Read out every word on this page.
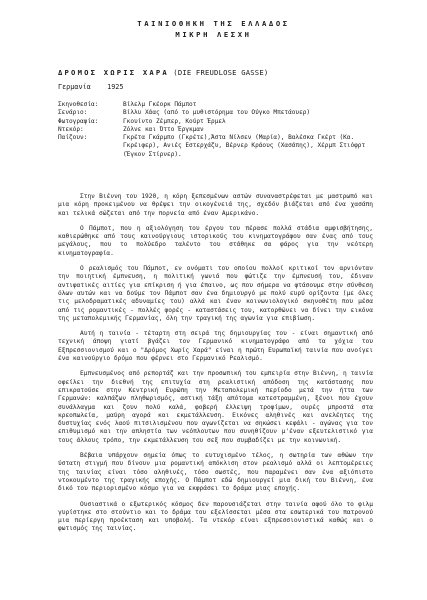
ΤΑΙΝΙΟΘΗΚΗ ΤΗΣ ΕΛΛΑΔΟΣ
ΜΙΚΡΗ ΛΕΣΧΗ
ΔΡΟΜΟΣ ΧΩΡΙΣ ΧΑΡΑ (DIE FREUDLOSE GASSE)
Γερμανία 1925
Σκηνοθεσία:	Βίλελμ Γκέορκ Πάμποτ
Σενάριο:	Βίλλυ Χάας (από το μυθιστόρημα του Ούγκο Μπετάουερ)
Φωτογραφία:	Γκουίντο Ζέμπερ, Κούρτ Έρμελ
Ντεκόρ:	Ζόλνε και Όττο Έργκμαν
Παίζουν:	Γκρέτα Γκάρμπο (Γκρέτε),Άστα Νίλσεν (Μαρία), Βαλέσκα Γκέρτ (Κα. Γκρέιφερ), Ανιές Εστερχάζυ, Βέρνερ Κράους (Χασάπης), Χέρμπ Στιόφρτ (Έγκον Στίρνερ).

Στην Βιέννη του 1920, η κόρη ξεπεσμένων αστών συναναστρέφεται με μαστρωπό και μια κόρη προκειμένου να θρέψει την οικογένειά της, σχεδόν βιάζεται από ένα χασάπη και τελικά σώζεται από την πορνεία από έναν Αμερικάνο.

Ο Πάμποτ, που η αξιολόγηση του έργου του πέρασε πολλά στάδια αμφισβήτησης, καθιερώθηκε από τους καινούργιους ιστορικούς του κινηματογράφου σαν ένας από τους μεγάλους, που το πολύεδρο ταλέντο του στάθηκε σα φάρος για την νεότερη κινηματογραφία.

Ο ρεαλισμός του Πάμποτ, εν ονόματι του οποίου πολλοί κριτικοί τον αρνιόνταν την ποιητική έμπνευση, η πολιτική γωνιά που φώτιζε την έμπνευσή του, έδιναν αντιφατικές αιτίες για επίκριση ή για έπαινο, ως που σήμερα να φτάσουμε στην σύνθεση όλων αυτών και να δούμε τον Πάμποτ σαν ένα δημιουργό με πολύ ευρύ ορίζοντα (με όλες τις μελοδραματικές αδυναμίες του) αλλά και έναν κοινωνιολογικό σκηνοθέτη που μέσα από τις ρομαντικές - πολλές φορές - καταστάσεις του, κατορθώνει να δίνει την εικόνα της μεταπολεμικής Γερμανίας, όλη την τραγική της αγωνία για επιβίωση.

Αυτή η ταινία - τέταρτη στη σειρά της δημιουργίας του - είναι σημαντική από τεχνική άποψη γιατί βγάζει τον Γερμανικό κινηματογράφο από τα χόχια του Εξπρεσσιονισμού και ο "Δρόμος Χωρίς Χαρά" είναι η πρώτη Ευρωπαϊκή ταινία που ανοίγει ένα καινούργιο δρόμο που φέρνει στο Γερμανικό Ρεαλισμό.

Εμπνευσμένος από ρεπορτάζ και την προσωπική του εμπειρία στην Βιέννη, η ταινία οφείλει την διεθνή της επιτυχία στη ρεαλιστική απόδοση της κατάστασης που επικρατούσε στην Κεντρική Ευρώπη την Μεταπολεμική περίοδο μετά την ήττα των Γερμανών: καλπάζων πληθωρισμός, αστική τάξη απότομα κατεστραμμένη, ξένοι που έχουν συνάλλαγμα και ζουν πολύ καλά, φοβερή έλλειψη τροφίμων, ουρές μπροστά στα κρεοπωλεία, μαύρη αγορά και εκμετάλλευση. Εικόνες αληθινές και ανελέητες της δυστυχίας ενός λαού πιτσιλισμένου που αγωνίζεται να σηκώσει κεφάλι - αγώνας για τον επιθυμισμό και την απληστία των νεόπλουτων που συνηθίζουν μ'έναν εξευτελιστικό για τους άλλους τρόπο, την εκμετάλλευση του σεξ που συμβαδίζει με την κοινωνική.

Βέβαια υπάρχουν σημεία όπως το ευτυχισμένο τέλος, η σωτηρία των αθώων την ύστατη στιγμή που δίνουν μια ρομαντική απόκλιση στον ρεαλισμό αλλά οι λεπτομέρειες της ταινίας είναι τόσο αληθινές, τόσο σωστές, που παραμένει σαν ένα αξιόπιστο ντοκουμέντο της τραγικής εποχής. Ο Πάμποτ εδώ δημιουργεί μια δική του Βιέννη, ένα δικό του περιορισμένο κόσμο για να εκφράσει το δράμα μιας εποχής.

Ουσιαστικά ο εξωτερικός κόσμος δεν παρουσιάζεται στην ταινία αφού όλο το φιλμ γυρίστηκε στο στούντιο και το δράμα του εξελίσσεται μέσα στα εσωτερικά του πατρονού μια περίεργη προέκταση και υποβολή. Τα ντεκόρ είναι εξπρεσσιονιστικά καθώς και ο φωτισμός της ταινίας.
